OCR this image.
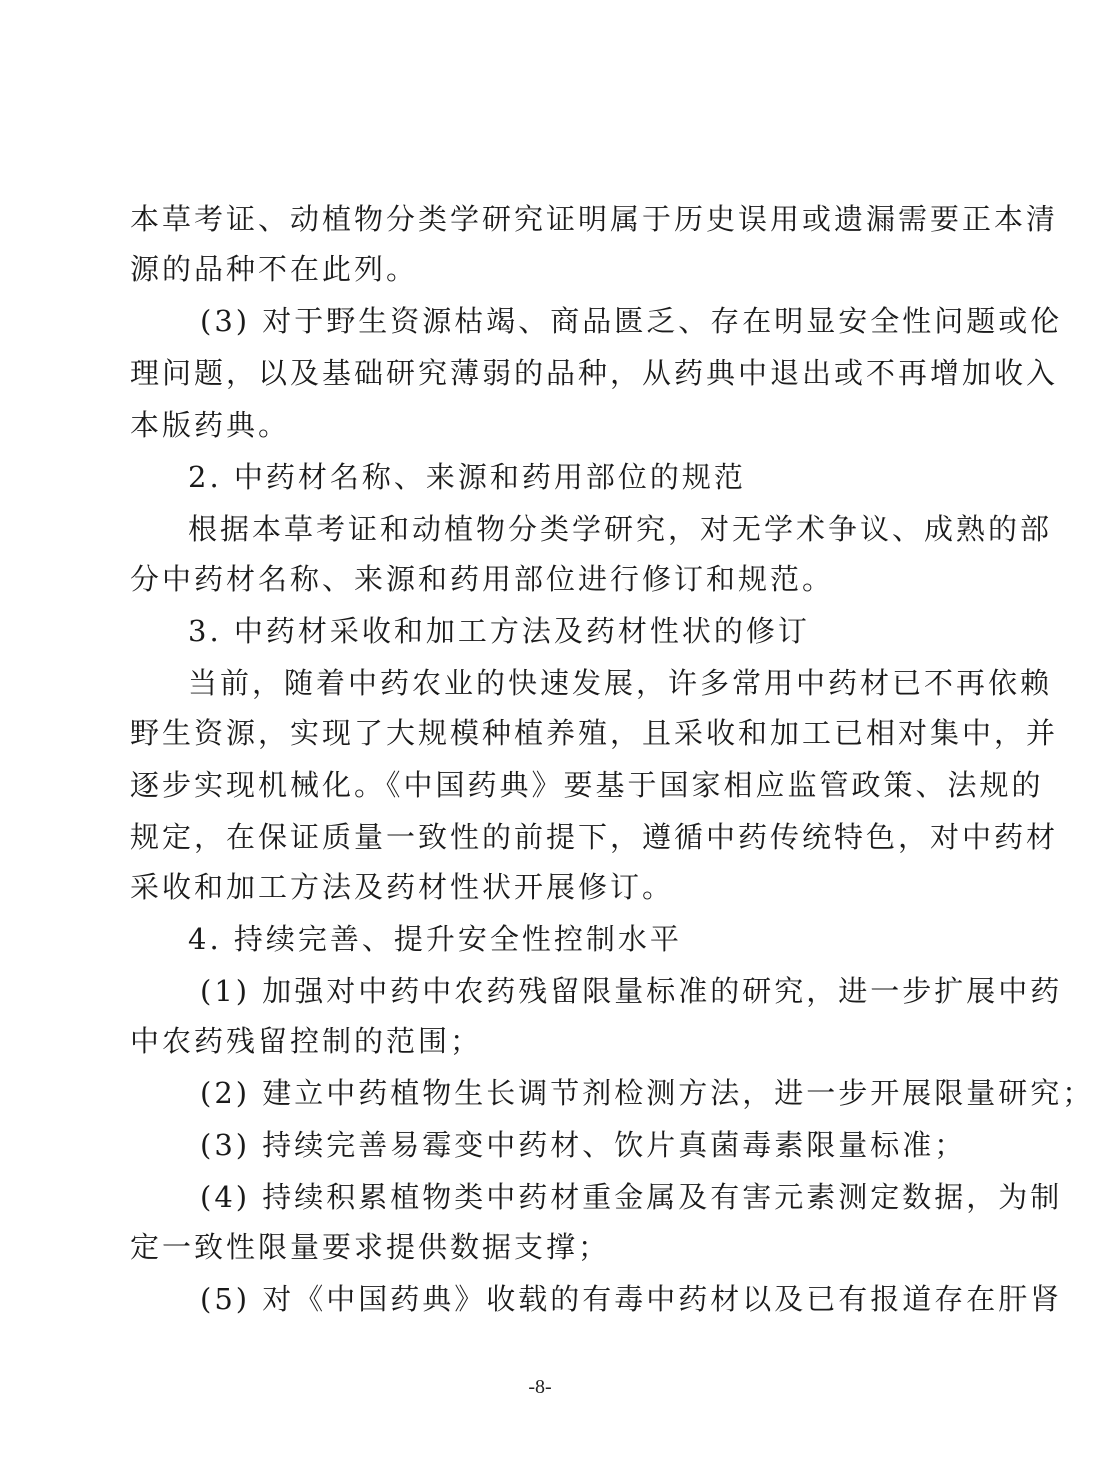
本草考证、动植物分类学研究证明属于历史误用或遗漏需要正本清
源的品种不在此列。
(3) 对于野生资源枯竭、商品匮乏、存在明显安全性问题或伦
理问题，以及基础研究薄弱的品种，从药典中退出或不再增加收入
本版药典。
2. 中药材名称、来源和药用部位的规范
根据本草考证和动植物分类学研究，对无学术争议、成熟的部
分中药材名称、来源和药用部位进行修订和规范。
3. 中药材采收和加工方法及药材性状的修订
当前，随着中药农业的快速发展，许多常用中药材已不再依赖
野生资源，实现了大规模种植养殖，且采收和加工已相对集中，并
逐步实现机械化。《中国药典》要基于国家相应监管政策、法规的
规定，在保证质量一致性的前提下，遵循中药传统特色，对中药材
采收和加工方法及药材性状开展修订。
4. 持续完善、提升安全性控制水平
(1) 加强对中药中农药残留限量标准的研究，进一步扩展中药
中农药残留控制的范围；
(2) 建立中药植物生长调节剂检测方法，进一步开展限量研究；
(3) 持续完善易霉变中药材、饮片真菌毒素限量标准；
(4) 持续积累植物类中药材重金属及有害元素测定数据，为制
定一致性限量要求提供数据支撑；
(5) 对《中国药典》收载的有毒中药材以及已有报道存在肝肾
-8-
